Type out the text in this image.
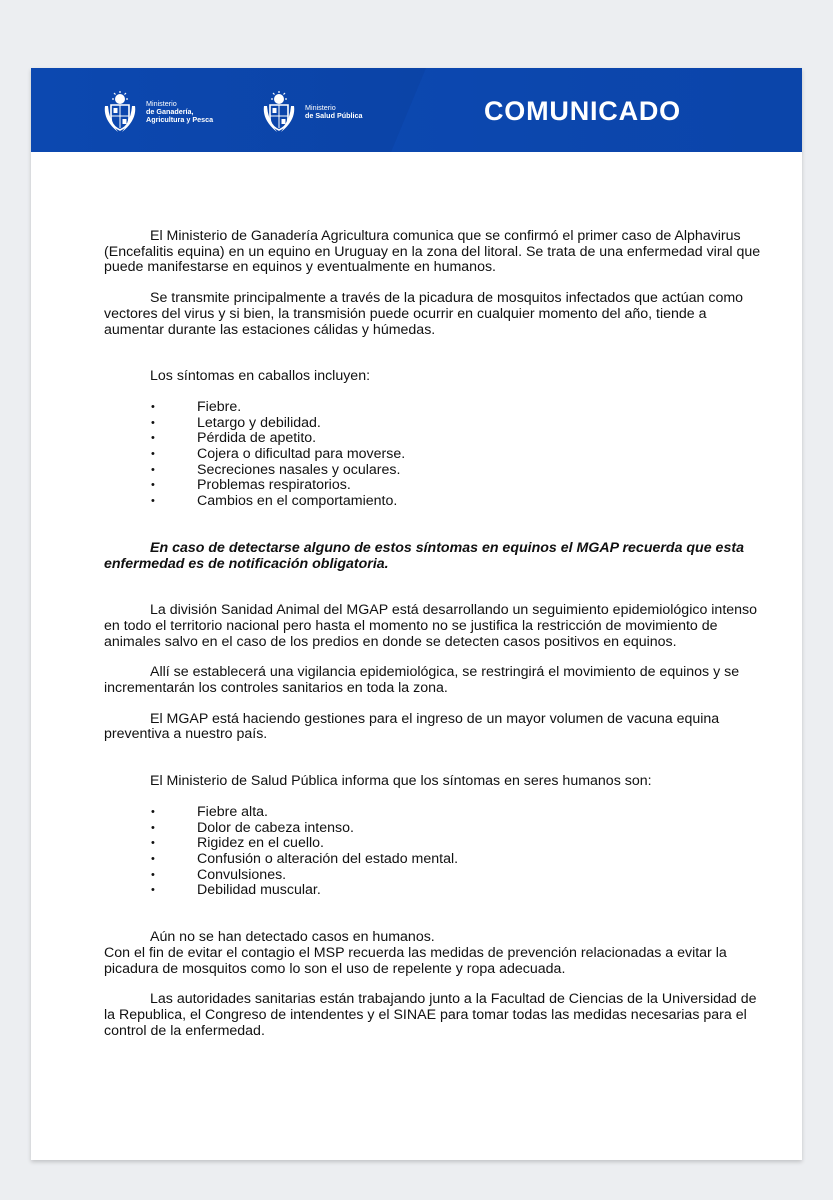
Ministerio
de Ganadería,
Agricultura y Pesca
Ministerio
de Salud Pública	COMUNICADO

El Ministerio de Ganadería Agricultura comunica que se confirmó el primer caso de Alphavirus (Encefalitis equina) en un equino en Uruguay en la zona del litoral. Se trata de una enfermedad viral que puede manifestarse en equinos y eventualmente en humanos.

Se transmite principalmente a través de la picadura de mosquitos infectados que actúan como vectores del virus y si bien, la transmisión puede ocurrir en cualquier momento del año, tiende a aumentar durante las estaciones cálidas y húmedas.

Los síntomas en caballos incluyen:

• Fiebre.
• Letargo y debilidad.
• Pérdida de apetito.
• Cojera o dificultad para moverse.
• Secreciones nasales y oculares.
• Problemas respiratorios.
• Cambios en el comportamiento.

En caso de detectarse alguno de estos síntomas en equinos el MGAP recuerda que esta enfermedad es de notificación obligatoria.

La división Sanidad Animal del MGAP está desarrollando un seguimiento epidemiológico intenso en todo el territorio nacional pero hasta el momento no se justifica la restricción de movimiento de animales salvo en el caso de los predios en donde se detecten casos positivos en equinos.

Allí se establecerá una vigilancia epidemiológica, se restringirá el movimiento de equinos y se incrementarán los controles sanitarios en toda la zona.

El MGAP está haciendo gestiones para el ingreso de un mayor volumen de vacuna equina preventiva a nuestro país.

El Ministerio de Salud Pública informa que los síntomas en seres humanos son:

• Fiebre alta.
• Dolor de cabeza intenso.
• Rigidez en el cuello.
• Confusión o alteración del estado mental.
• Convulsiones.
• Debilidad muscular.

Aún no se han detectado casos en humanos.

Con el fin de evitar el contagio el MSP recuerda las medidas de prevención relacionadas a evitar la picadura de mosquitos como lo son el uso de repelente y ropa adecuada.

Las autoridades sanitarias están trabajando junto a la Facultad de Ciencias de la Universidad de la Republica, el Congreso de intendentes y el SINAE para tomar todas las medidas necesarias para el control de la enfermedad.
